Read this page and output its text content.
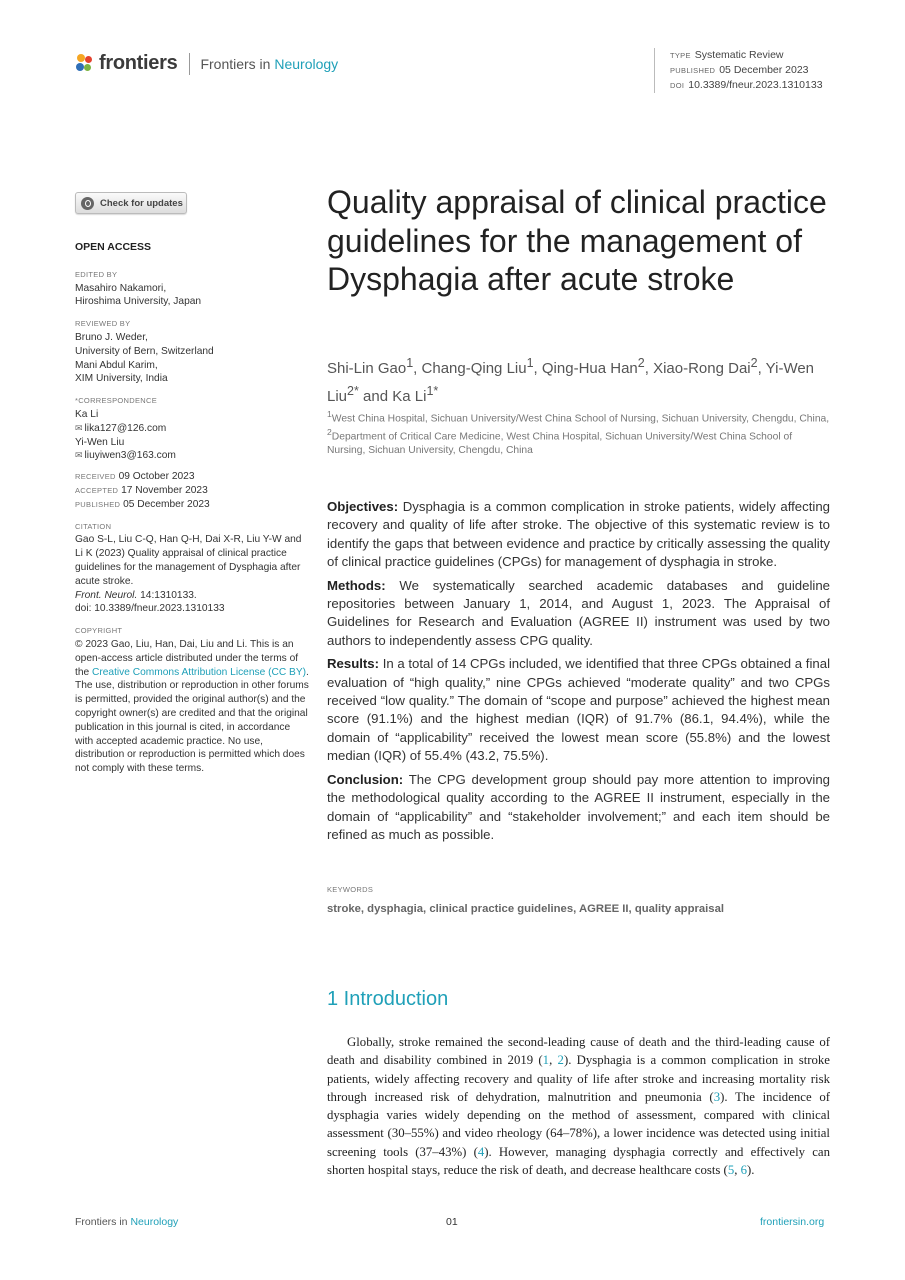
frontiers Frontiers in Neurology	TYPE Systematic Review
PUBLISHED 05 December 2023
DOI 10.3389/fneur.2023.1310133
Check for updates
OPEN ACCESS
EDITED BY
Masahiro Nakamori,
Hiroshima University, Japan
REVIEWED BY
Bruno J. Weder,
University of Bern, Switzerland
Mani Abdul Karim,
XIM University, India
*CORRESPONDENCE
Ka Li
✉ lika127@126.com
Yi-Wen Liu
✉ liuyiwen3@163.com
RECEIVED 09 October 2023
ACCEPTED 17 November 2023
PUBLISHED 05 December 2023
CITATION
Gao S-L, Liu C-Q, Han Q-H, Dai X-R, Liu Y-W and Li K (2023) Quality appraisal of clinical practice guidelines for the management of Dysphagia after acute stroke.
Front. Neurol. 14:1310133.
doi: 10.3389/fneur.2023.1310133
COPYRIGHT
© 2023 Gao, Liu, Han, Dai, Liu and Li. This is an open-access article distributed under the terms of the Creative Commons Attribution License (CC BY). The use, distribution or reproduction in other forums is permitted, provided the original author(s) and the copyright owner(s) are credited and that the original publication in this journal is cited, in accordance with accepted academic practice. No use, distribution or reproduction is permitted which does not comply with these terms.
Quality appraisal of clinical practice guidelines for the management of Dysphagia after acute stroke
Shi-Lin Gao$^1$, Chang-Qing Liu$^1$, Qing-Hua Han$^2$, Xiao-Rong Dai$^2$, Yi-Wen Liu$^{2*}$ and Ka $Li^{1*}$
$^1$West China Hospital, Sichuan University/West China School of Nursing, Sichuan University, Chengdu, China, $^2$Department of Critical Care Medicine, West China Hospital, Sichuan University/West China School of Nursing, Sichuan University, Chengdu, China

Objectives: Dysphagia is a common complication in stroke patients, widely affecting recovery and quality of life after stroke. The objective of this systematic review is to identify the gaps that between evidence and practice by critically assessing the quality of clinical practice guidelines (CPGs) for management of dysphagia in stroke.

Methods: We systematically searched academic databases and guideline repositories between January 1, 2014, and August 1, 2023. The Appraisal of Guidelines for Research and Evaluation (AGREE II) instrument was used by two authors to independently assess CPG quality.

Results: In a total of 14 CPGs included, we identified that three CPGs obtained a final evaluation of “high quality,” nine CPGs achieved “moderate quality” and two CPGs received “low quality.” The domain of “scope and purpose” achieved the highest mean score (91.1%) and the highest median (IQR) of 91.7% (86.1, 94.4%), while the domain of “applicability” received the lowest mean score (55.8%) and the lowest median (IQR) of 55.4% (43.2, 75.5%).

Conclusion: The CPG development group should pay more attention to improving the methodological quality according to the AGREE II instrument, especially in the domain of “applicability” and “stakeholder involvement;” and each item should be refined as much as possible.

KEYWORDS
stroke, dysphagia, clinical practice guidelines, AGREE II, quality appraisal
1 Introduction

Globally, stroke remained the second-leading cause of death and the third-leading cause of death and disability combined in 2019 (1, 2). Dysphagia is a common complication in stroke patients, widely affecting recovery and quality of life after stroke and increasing mortality risk through increased risk of dehydration, malnutrition and pneumonia (3). The incidence of dysphagia varies widely depending on the method of assessment, compared with clinical assessment (30–55%) and video rheology (64–78%), a lower incidence was detected using initial screening tools (37–43%) (4). However, managing dysphagia correctly and effectively can shorten hospital stays, reduce the risk of death, and decrease healthcare costs (5, 6).

Frontiers in Neurology	01	frontiersin.org
